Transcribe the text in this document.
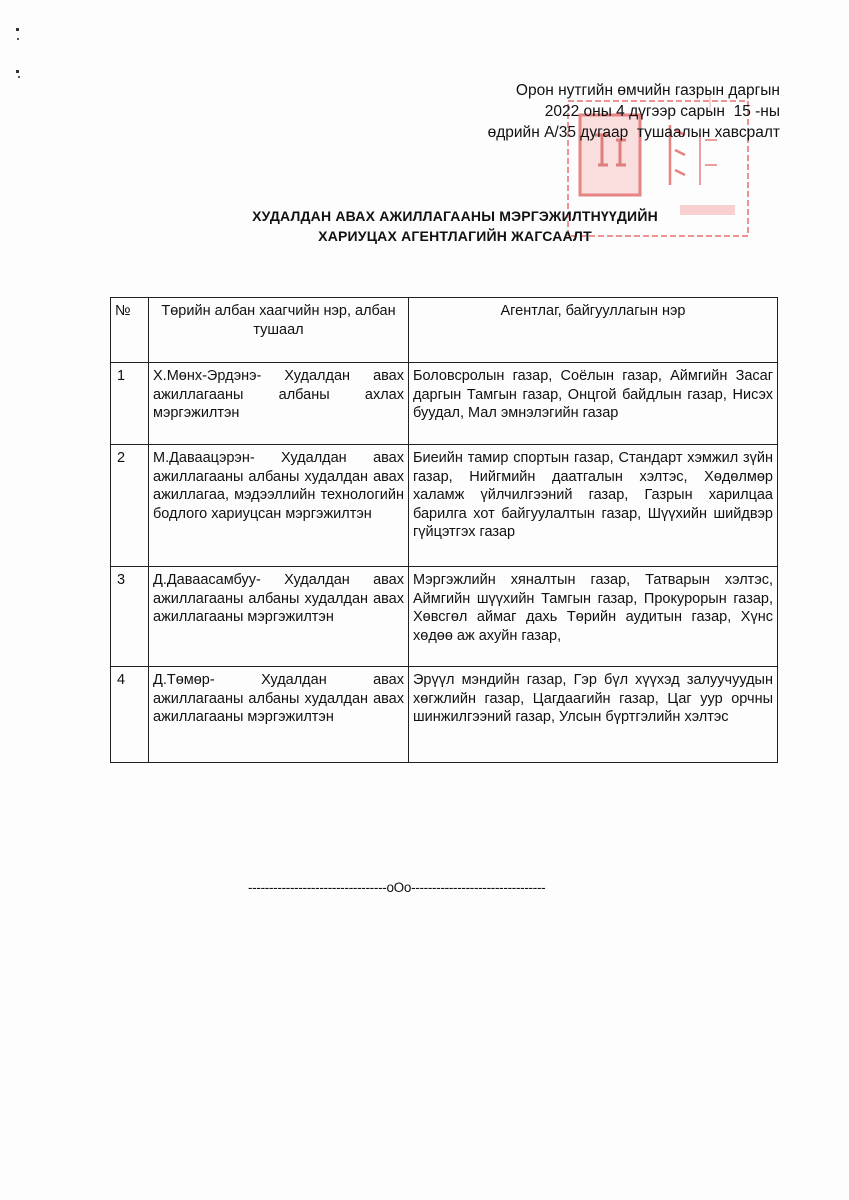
Орон нутгийн өмчийн газрын даргын
2022 оны 4 дүгээр сарын  15 -ны
өдрийн А/35 дугаар  тушаалын хавсралт
ХУДАЛДАН АВАХ АЖИЛЛАГААНЫ МЭРГЭЖИЛТНҮҮДИЙН
ХАРИУЦАХ АГЕНТЛАГИЙН ЖАГСААЛТ
№	Төрийн албан хаагчийн нэр, албан тушаал	Агентлаг, байгууллагын нэр
1	Х.Мөнх-Эрдэнэ- Худалдан авах ажиллагааны албаны ахлах мэргэжилтэн	Боловсролын газар, Соёлын газар, Аймгийн Засаг даргын Тамгын газар, Онцгой байдлын газар, Нисэх буудал, Мал эмнэлэгийн газар
2	М.Даваацэрэн- Худалдан авах ажиллагааны албаны худалдан авах ажиллагаа, мэдээллийн технологийн бодлого хариуцсан мэргэжилтэн	Биеийн тамир спортын газар, Стандарт хэмжил зүйн газар, Нийгмийн даатгалын хэлтэс, Хөдөлмөр халамж үйлчилгээний газар, Газрын харилцаа барилга хот байгуулалтын газар, Шүүхийн шийдвэр гүйцэтгэх газар
3	Д.Даваасамбуу- Худалдан авах ажиллагааны албаны худалдан авах ажиллагааны мэргэжилтэн	Мэргэжлийн хяналтын газар, Татварын хэлтэс, Аймгийн шүүхийн Тамгын газар, Прокурорын газар, Хөвсгөл аймаг дахь Төрийн аудитын газар, Хүнс хөдөө аж ахуйн газар,
4	Д.Төмөр- Худалдан авах ажиллагааны албаны худалдан авах ажиллагааны мэргэжилтэн	Эрүүл мэндийн газар, Гэр бүл хүүхэд залуучуудын хөгжлийн газар, Цагдаагийн газар, Цаг уур орчны шинжилгээний газар, Улсын бүртгэлийн хэлтэс
---------------------------------oOo--------------------------------
